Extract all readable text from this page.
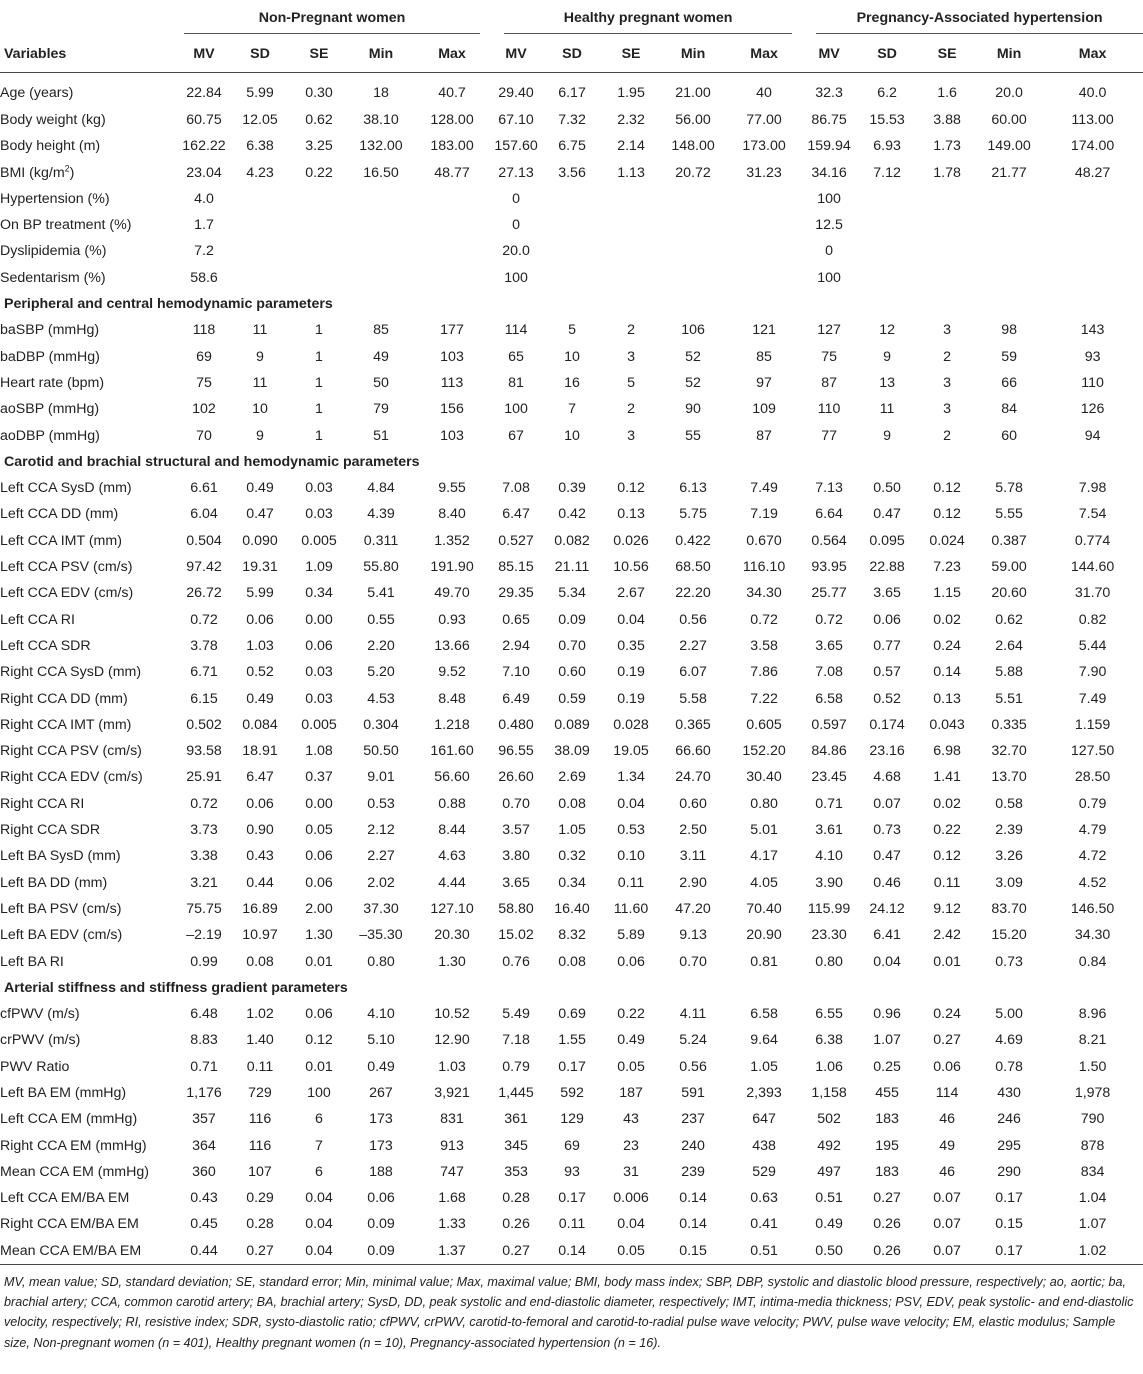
	Non-Pregnant women					Healthy pregnant women					Pregnancy-Associated hypertension				
Variables	MV	SD	SE	Min	Max	MV	SD	SE	Min	Max	MV	SD	SE	Min	Max
Age (years)	22.84	5.99	0.30	18	40.7	29.40	6.17	1.95	21.00	40	32.3	6.2	1.6	20.0	40.0
Body weight (kg)	60.75	12.05	0.62	38.10	128.00	67.10	7.32	2.32	56.00	77.00	86.75	15.53	3.88	60.00	113.00
Body height (m)	162.22	6.38	3.25	132.00	183.00	157.60	6.75	2.14	148.00	173.00	159.94	6.93	1.73	149.00	174.00
BMI $(kg/m^2)$	23.04	4.23	0.22	16.50	48.77	27.13	3.56	1.13	20.72	31.23	34.16	7.12	1.78	21.77	48.27
Hypertension (%)	4.0					0					100				
On BP treatment (%)	1.7					0					12.5				
Dyslipidemia (%)	7.2					20.0					0				
Sedentarism (%)	58.6					100					100				
Peripheral and central hemodynamic parameters															
baSBP (mmHg)	118	11	1	85	177	114	5	2	106	121	127	12	3	98	143
baDBP (mmHg)	69	9	1	49	103	65	10	3	52	85	75	9	2	59	93
Heart rate (bpm)	75	11	1	50	113	81	16	5	52	97	87	13	3	66	110
aoSBP (mmHg)	102	10	1	79	156	100	7	2	90	109	110	11	3	84	126
aoDBP (mmHg)	70	9	1	51	103	67	10	3	55	87	77	9	2	60	94
Carotid and brachial structural and hemodynamic parameters															
Left CCA SysD (mm)	6.61	0.49	0.03	4.84	9.55	7.08	0.39	0.12	6.13	7.49	7.13	0.50	0.12	5.78	7.98
Left CCA DD (mm)	6.04	0.47	0.03	4.39	8.40	6.47	0.42	0.13	5.75	7.19	6.64	0.47	0.12	5.55	7.54
Left CCA IMT (mm)	0.504	0.090	0.005	0.311	1.352	0.527	0.082	0.026	0.422	0.670	0.564	0.095	0.024	0.387	0.774
Left CCA PSV (cm/s)	97.42	19.31	1.09	55.80	191.90	85.15	21.11	10.56	68.50	116.10	93.95	22.88	7.23	59.00	144.60
Left CCA EDV (cm/s)	26.72	5.99	0.34	5.41	49.70	29.35	5.34	2.67	22.20	34.30	25.77	3.65	1.15	20.60	31.70
Left CCA RI	0.72	0.06	0.00	0.55	0.93	0.65	0.09	0.04	0.56	0.72	0.72	0.06	0.02	0.62	0.82
Left CCA SDR	3.78	1.03	0.06	2.20	13.66	2.94	0.70	0.35	2.27	3.58	3.65	0.77	0.24	2.64	5.44
Right CCA SysD (mm)	6.71	0.52	0.03	5.20	9.52	7.10	0.60	0.19	6.07	7.86	7.08	0.57	0.14	5.88	7.90
Right CCA DD (mm)	6.15	0.49	0.03	4.53	8.48	6.49	0.59	0.19	5.58	7.22	6.58	0.52	0.13	5.51	7.49
Right CCA IMT (mm)	0.502	0.084	0.005	0.304	1.218	0.480	0.089	0.028	0.365	0.605	0.597	0.174	0.043	0.335	1.159
Right CCA PSV (cm/s)	93.58	18.91	1.08	50.50	161.60	96.55	38.09	19.05	66.60	152.20	84.86	23.16	6.98	32.70	127.50
Right CCA EDV (cm/s)	25.91	6.47	0.37	9.01	56.60	26.60	2.69	1.34	24.70	30.40	23.45	4.68	1.41	13.70	28.50
Right CCA RI	0.72	0.06	0.00	0.53	0.88	0.70	0.08	0.04	0.60	0.80	0.71	0.07	0.02	0.58	0.79
Right CCA SDR	3.73	0.90	0.05	2.12	8.44	3.57	1.05	0.53	2.50	5.01	3.61	0.73	0.22	2.39	4.79
Left BA SysD (mm)	3.38	0.43	0.06	2.27	4.63	3.80	0.32	0.10	3.11	4.17	4.10	0.47	0.12	3.26	4.72
Left BA DD (mm)	3.21	0.44	0.06	2.02	4.44	3.65	0.34	0.11	2.90	4.05	3.90	0.46	0.11	3.09	4.52
Left BA PSV (cm/s)	75.75	16.89	2.00	37.30	127.10	58.80	16.40	11.60	47.20	70.40	115.99	24.12	9.12	83.70	146.50
Left BA EDV (cm/s)	–2.19	10.97	1.30	–35.30	20.30	15.02	8.32	5.89	9.13	20.90	23.30	6.41	2.42	15.20	34.30
Left BA RI	0.99	0.08	0.01	0.80	1.30	0.76	0.08	0.06	0.70	0.81	0.80	0.04	0.01	0.73	0.84
Arterial stiffness and stiffness gradient parameters															
cfPWV (m/s)	6.48	1.02	0.06	4.10	10.52	5.49	0.69	0.22	4.11	6.58	6.55	0.96	0.24	5.00	8.96
crPWV (m/s)	8.83	1.40	0.12	5.10	12.90	7.18	1.55	0.49	5.24	9.64	6.38	1.07	0.27	4.69	8.21
PWV Ratio	0.71	0.11	0.01	0.49	1.03	0.79	0.17	0.05	0.56	1.05	1.06	0.25	0.06	0.78	1.50
Left BA EM (mmHg)	1,176	729	100	267	3,921	1,445	592	187	591	2,393	1,158	455	114	430	1,978
Left CCA EM (mmHg)	357	116	6	173	831	361	129	43	237	647	502	183	46	246	790
Right CCA EM (mmHg)	364	116	7	173	913	345	69	23	240	438	492	195	49	295	878
Mean CCA EM (mmHg)	360	107	6	188	747	353	93	31	239	529	497	183	46	290	834
Left CCA EM/BA EM	0.43	0.29	0.04	0.06	1.68	0.28	0.17	0.006	0.14	0.63	0.51	0.27	0.07	0.17	1.04
Right CCA EM/BA EM	0.45	0.28	0.04	0.09	1.33	0.26	0.11	0.04	0.14	0.41	0.49	0.26	0.07	0.15	1.07
Mean CCA EM/BA EM	0.44	0.27	0.04	0.09	1.37	0.27	0.14	0.05	0.15	0.51	0.50	0.26	0.07	0.17	1.02
MV, mean value; SD, standard deviation; SE, standard error; Min, minimal value; Max, maximal value; BMI, body mass index; SBP, DBP, systolic and diastolic blood pressure, respectively; ao, aortic; ba, brachial artery; CCA, common carotid artery; BA, brachial artery; SysD, DD, peak systolic and end-diastolic diameter, respectively; IMT, intima-media thickness; PSV, EDV, peak systolic- and end-diastolic velocity, respectively; RI, resistive index; SDR, systo-diastolic ratio; cfPWV, crPWV, carotid-to-femoral and carotid-to-radial pulse wave velocity; PWV, pulse wave velocity; EM, elastic modulus; Sample size, Non-pregnant women (n = 401), Healthy pregnant women (n = 10), Pregnancy-associated hypertension (n = 16).
